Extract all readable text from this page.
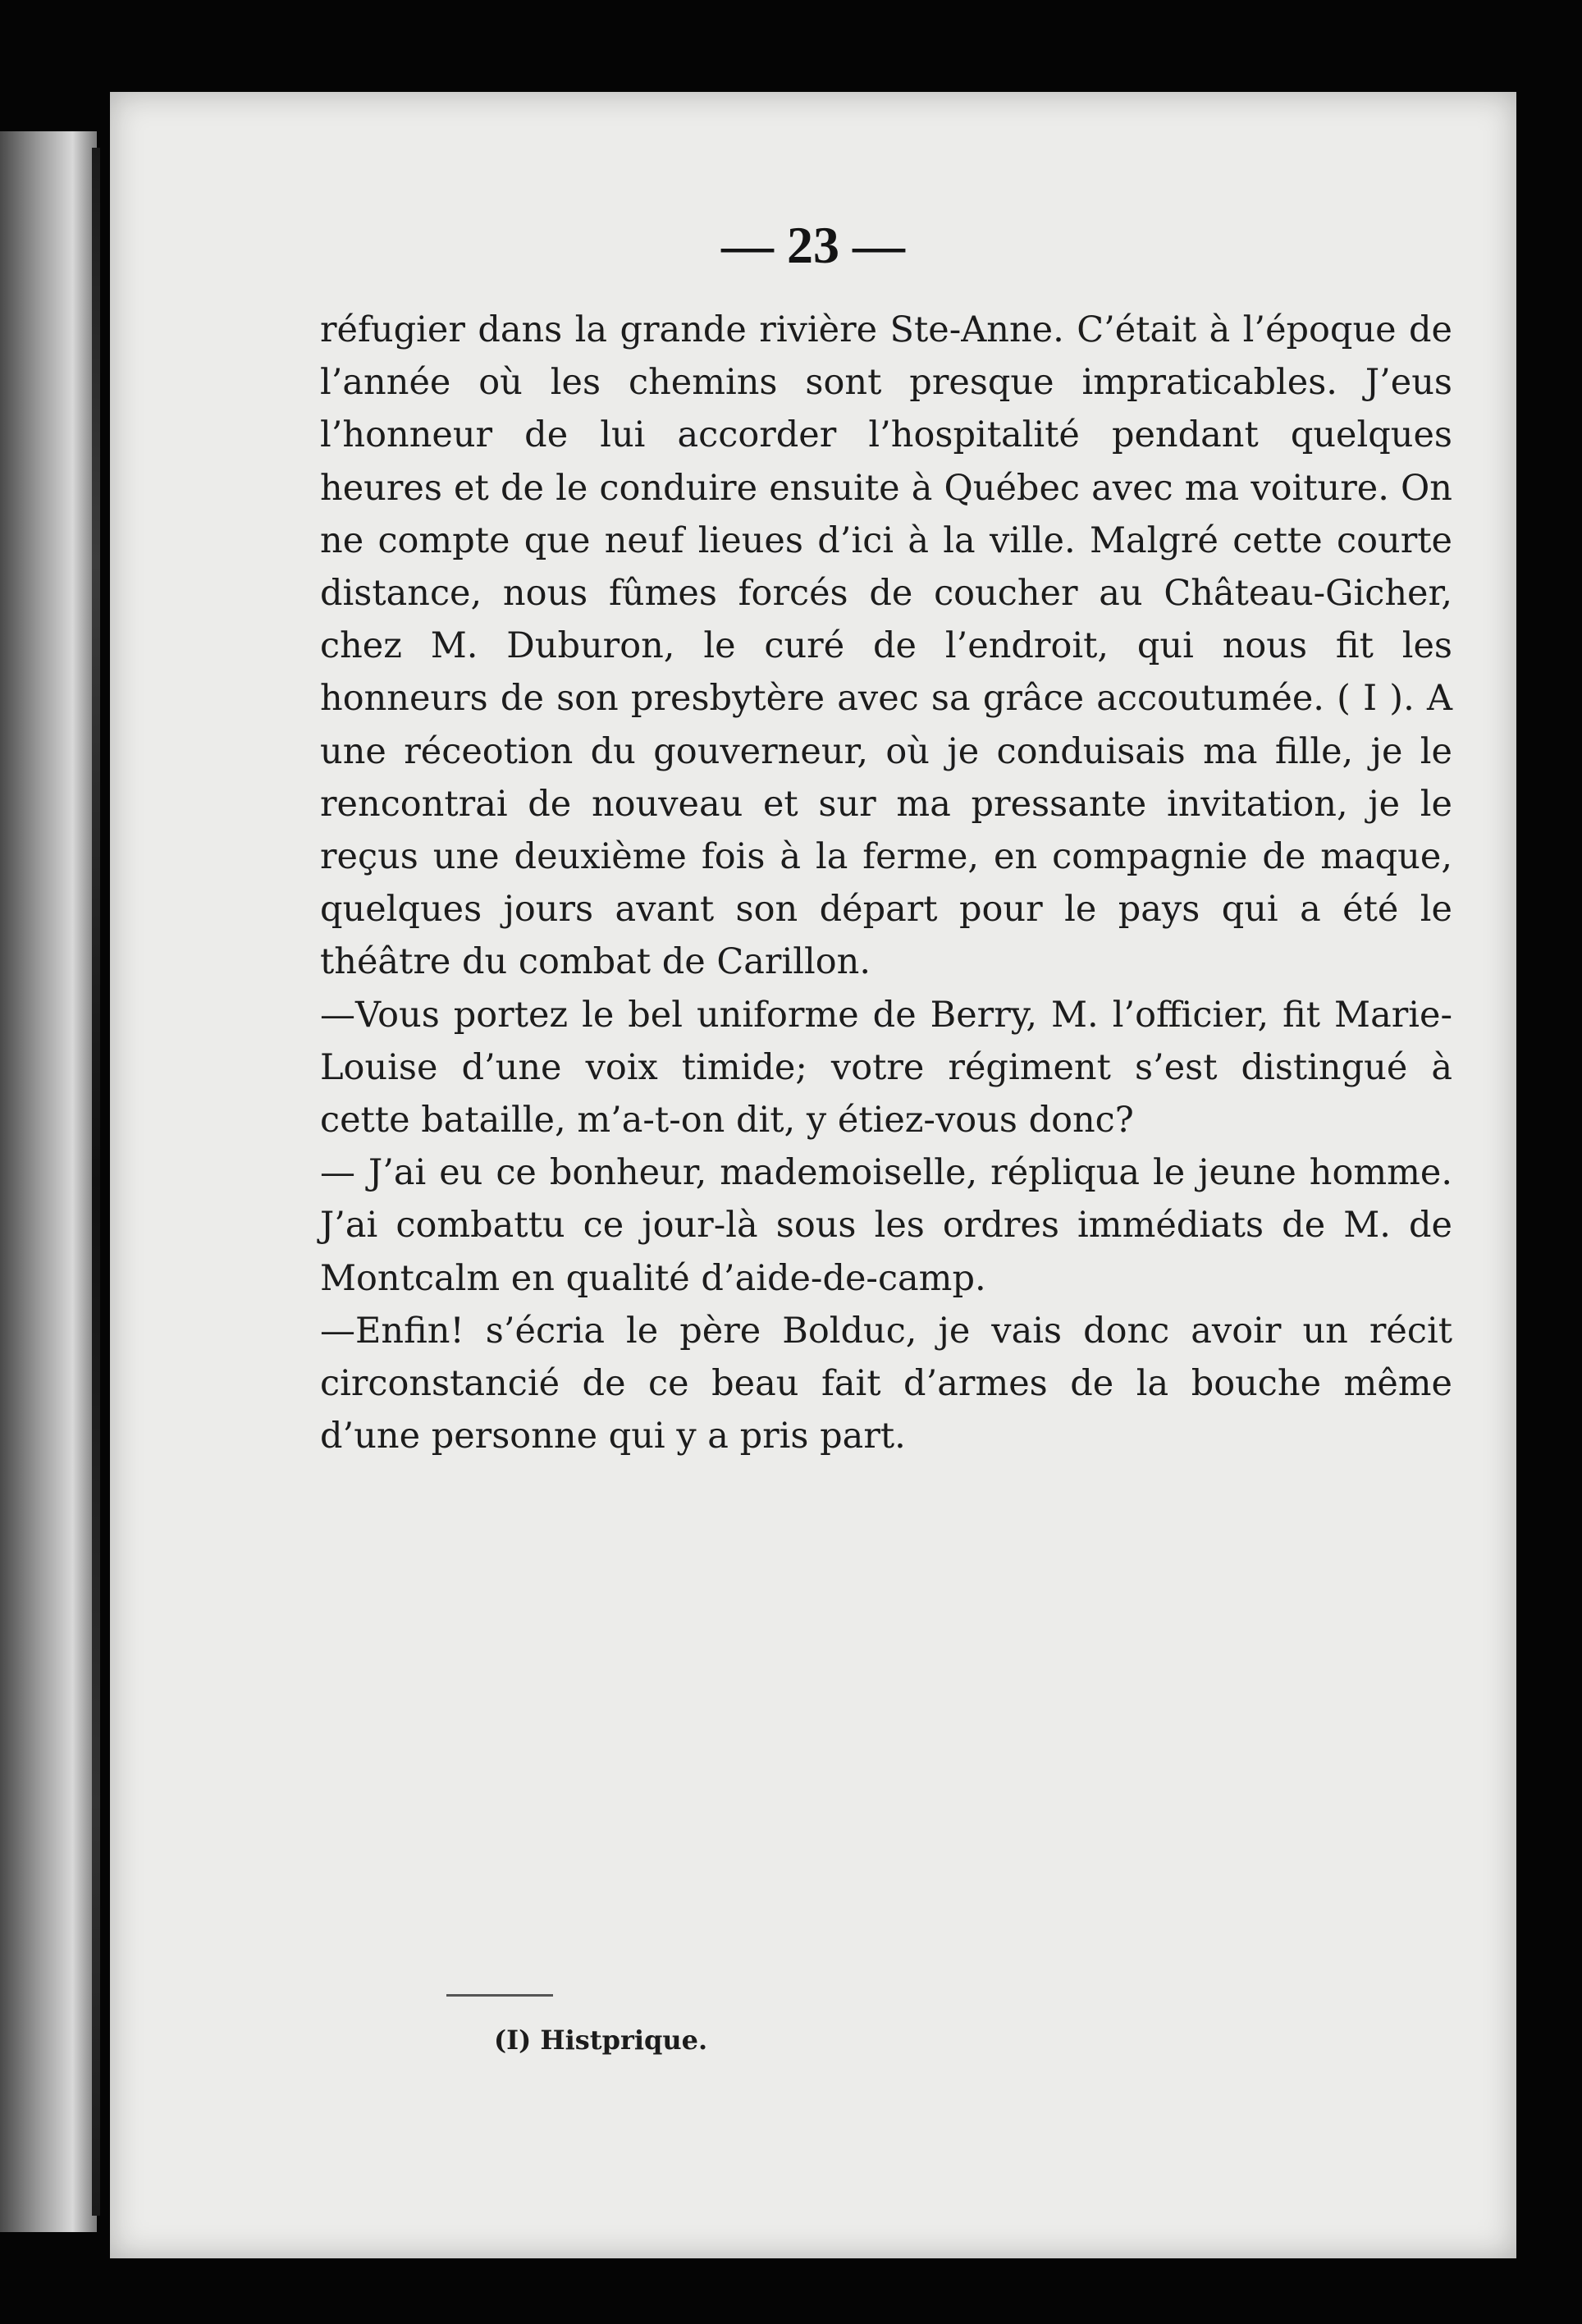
— 23 —

réfugier dans la grande rivière Ste-Anne. C’était à l’époque de l’année où les chemins sont presque impraticables. J’eus l’honneur de lui accorder l’hospitalité pendant quelques heures et de le conduire ensuite à Québec avec ma voiture. On ne compte que neuf lieues d’ici à la ville. Malgré cette courte distance, nous fûmes forcés de coucher au Château-Gicher, chez M. Duburon, le curé de l’endroit, qui nous fit les honneurs de son presbytère avec sa grâce accoutumée. ( I ). A une réceotion du gouverneur, où je conduisais ma fille, je le rencontrai de nouveau et sur ma pressante invitation, je le reçus une deuxième fois à la ferme, en compagnie de maque, quelques jours avant son départ pour le pays qui a été le théâtre du combat de Carillon.

—Vous portez le bel uniforme de Berry, M. l’officier, fit Marie-Louise d’une voix timide; votre régiment s’est distingué à cette bataille, m’a-t-on dit, y étiez-vous donc?

— J’ai eu ce bonheur, mademoiselle, répliqua le jeune homme. J’ai combattu ce jour-là sous les ordres immédiats de M. de Montcalm en qualité d’aide-de-camp.

—Enfin! s’écria le père Bolduc, je vais donc avoir un récit circonstancié de ce beau fait d’armes de la bouche même d’une personne qui y a pris part.

(I) Histprique.
